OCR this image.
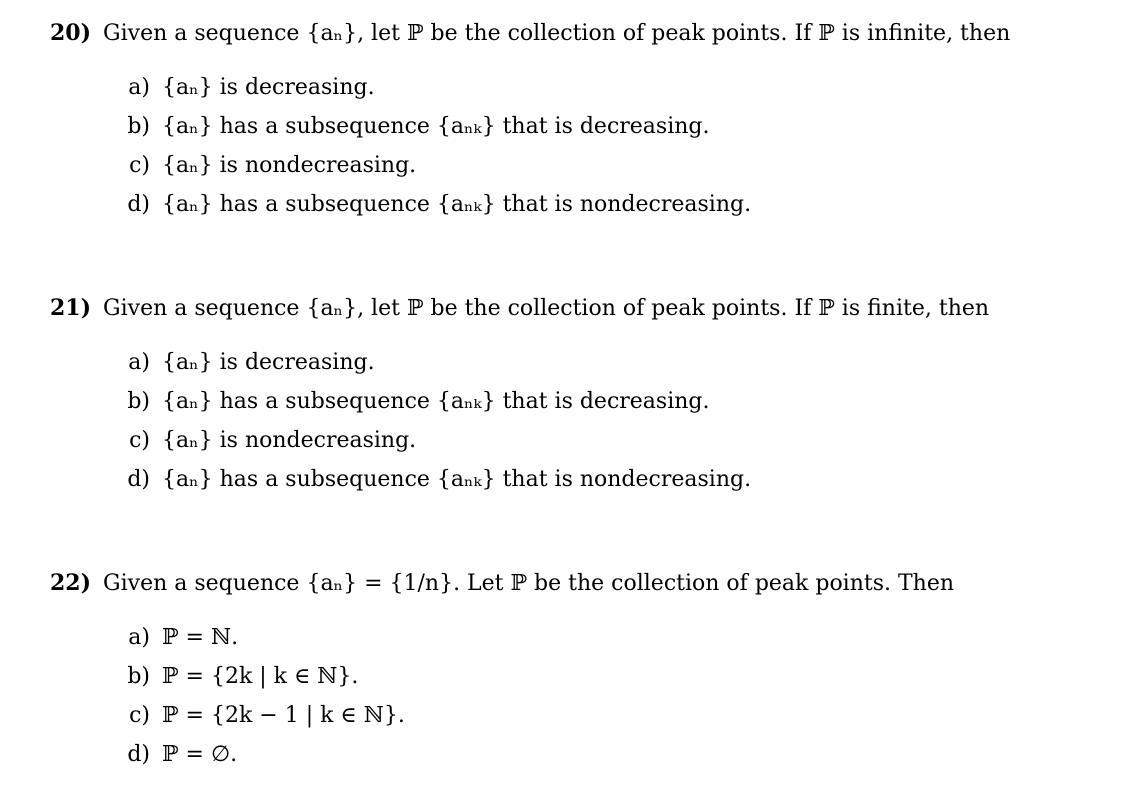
20) Given a sequence {aₙ}, let ℙ be the collection of peak points. If ℙ is infinite, then
a) {aₙ} is decreasing.
b) {aₙ} has a subsequence {aₙₖ} that is decreasing.
c) {aₙ} is nondecreasing.
d) {aₙ} has a subsequence {aₙₖ} that is nondecreasing.
21) Given a sequence {aₙ}, let ℙ be the collection of peak points. If ℙ is finite, then
a) {aₙ} is decreasing.
b) {aₙ} has a subsequence {aₙₖ} that is decreasing.
c) {aₙ} is nondecreasing.
d) {aₙ} has a subsequence {aₙₖ} that is nondecreasing.
22) Given a sequence {aₙ} = {1/n}. Let ℙ be the collection of peak points. Then
a) ℙ = ℕ.
b) ℙ = {2k | k ∈ ℕ}.
c) ℙ = {2k − 1 | k ∈ ℕ}.
d) ℙ = ∅.
